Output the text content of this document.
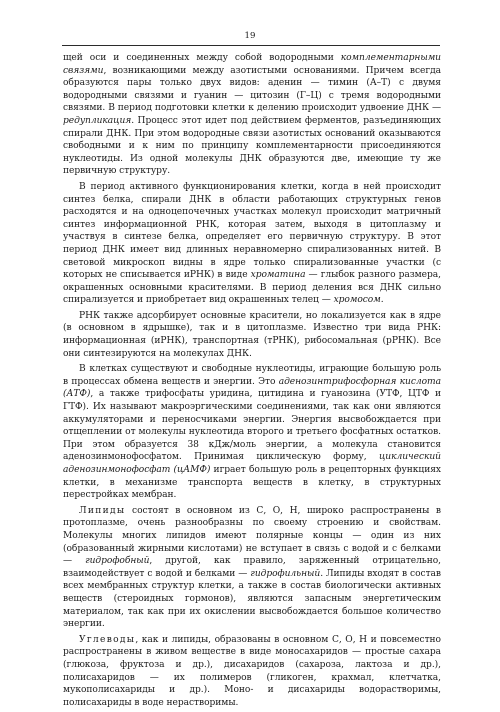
19

щей оси и соединенных между собой водородными комплементарными связями, возникающими между азотистыми основаниями. Причем всегда образуются пары только двух видов: аденин — тимин (А–Т) с двумя водородными связями и гуанин — цитозин (Г–Ц) с тремя водородными связями. В период подготовки клетки к делению происходит удвоение ДНК — редупликация. Процесс этот идет под действием ферментов, разъединяющих спирали ДНК. При этом водородные связи азотистых оснований оказываются свободными и к ним по принципу комплементарности присоединяются нуклеотиды. Из одной молекулы ДНК образуются две, имеющие ту же первичную структуру.

В период активного функционирования клетки, когда в ней происходит синтез белка, спирали ДНК в области работающих структурных генов расходятся и на одноцепочечных участках молекул происходит матричный синтез информационной РНК, которая затем, выходя в цитоплазму и участвуя в синтезе белка, определяет его первичную структуру. В этот период ДНК имеет вид длинных неравномерно спирализованных нитей. В световой микроскоп видны в ядре только спирализованные участки (с которых не списывается иРНК) в виде хроматина — глыбок разного размера, окрашенных основными красителями. В период деления вся ДНК сильно спирализуется и приобретает вид окрашенных телец — хромосом.

РНК также адсорбирует основные красители, но локализуется как в ядре (в основном в ядрышке), так и в цитоплазме. Известно три вида РНК: информационная (иРНК), транспортная (тРНК), рибосомальная (рРНК). Все они синтезируются на молекулах ДНК.

В клетках существуют и свободные нуклеотиды, играющие большую роль в процессах обмена веществ и энергии. Это аденозинтрифосфорная кислота (АТФ), а также трифосфаты уридина, цитидина и гуанозина (УТФ, ЦТФ и ГТФ). Их называют макроэргическими соединениями, так как они являются аккумуляторами и переносчиками энергии. Энергия высвобождается при отщеплении от молекулы нуклеотида второго и третьего фосфатных остатков. При этом образуется 38 кДж/моль энергии, а молекула становится аденозинмонофосфатом. Принимая циклическую форму, циклический аденозинмонофосфат (цАМФ) играет большую роль в рецепторных функциях клетки, в механизме транспорта веществ в клетку, в структурных перестройках мембран.

Липиды состоят в основном из С, О, Н, широко распространены в протоплазме, очень разнообразны по своему строению и свойствам. Молекулы многих липидов имеют полярные концы — один из них (образованный жирными кислотами) не вступает в связь с водой и с белками — гидрофобный, другой, как правило, заряженный отрицательно, взаимодействует с водой и белками — гидрофильный. Липиды входят в состав всех мембранных структур клетки, а также в состав биологически активных веществ (стероидных гормонов), являются запасным энергетическим материалом, так как при их окислении высвобождается большое количество энергии.

Углеводы, как и липиды, образованы в основном С, О, Н и повсеместно распространены в живом веществе в виде моносахаридов — простые сахара (глюкоза, фруктоза и др.), дисахаридов (сахароза, лактоза и др.), полисахаридов — их полимеров (гликоген, крахмал, клетчатка, мукополисахариды и др.). Моно- и дисахариды водорастворимы, полисахариды в воде нерастворимы.
